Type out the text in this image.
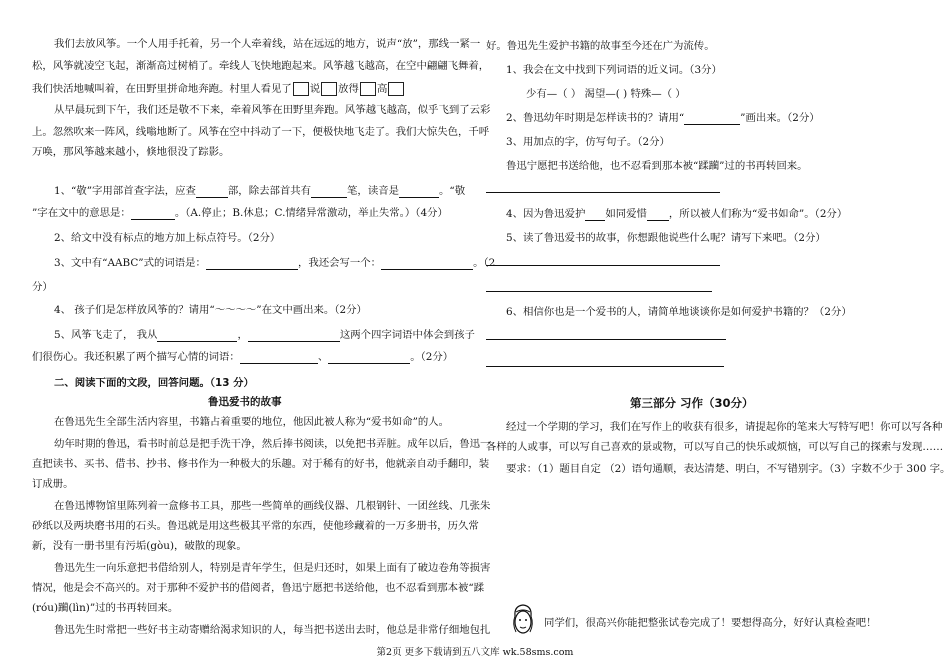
我们去放风筝。一个人用手托着，另一个人牵着线，站在远远的地方，说声“放”，那线一紧一

松，风筝就凌空飞起，渐渐高过树梢了。牵线人飞快地跑起来。风筝越飞越高，在空中翩翩飞舞着，

我们快活地喊叫着，在田野里拼命地奔跑。村里人看见了 说 放得 高

从早晨玩到下午，我们还是敬不下来，牵着风筝在田野里奔跑。风筝越飞越高，似乎飞到了云彩

上。忽然吹来一阵风，线嗡地断了。风筝在空中抖动了一下，便极快地飞走了。我们大惊失色，千呼

万唤，那风筝越来越小，倏地很没了踪影。

1、“敬”字用部首查字法，应查	部，除去部首共有	笔，读音是	。“敬

”字在文中的意思是：	。（A.停止；B.休息；C.情绪异常激动，举止失常。）（4分）

2、给文中没有标点的地方加上标点符号。（2分）

3、文中有“AABC”式的词语是：	，我还会写一个：	。（2

分）

4、 孩子们是怎样放风筝的？请用“～～～～”在文中画出来。（2分）

5、风筝飞走了， 我从	，	这两个四字词语中体会到孩子

们很伤心。我还积累了两个描写心情的词语：	、	。（2分）

二、阅读下面的文段，回答问题。（13 分）

鲁迅爱书的故事

在鲁迅先生全部生活内容里，书籍占着重要的地位，他因此被人称为“爱书如命”的人。

幼年时期的鲁迅，看书时前总是把手洗干净，然后捧书阅读，以免把书弄脏。成年以后，鲁迅一

直把读书、买书、借书、抄书、修书作为一种极大的乐趣。对于稀有的好书，他就亲自动手翻印，装

订成册。

在鲁迅博物馆里陈列着一盒修书工具，那些一些简单的画线仪器、几根钢针、一团丝线、几张朱

砂纸以及两块磨书用的石头。鲁迅就是用这些极其平常的东西，使他珍藏着的一万多册书，历久常

新，没有一册书里有污垢(gòu)，破散的现象。

鲁迅先生一向乐意把书借给别人，特别是青年学生，但是归还时，如果上面有了破边卷角等损害

情况，他是会不高兴的。对于那种不爱护书的借阅者，鲁迅宁愿把书送给他，也不忍看到那本被“蹂

(róu)躏(lìn)”过的书再转回来。

鲁迅先生时常把一些好书主动寄赠给渴求知识的人，每当把书送出去时，他总是非常仔细地包扎

好。鲁迅先生爱护书籍的故事至今还在广为流传。

1、我会在文中找到下列词语的近义词。（3分）

少有—（ ） 渴望—( ) 特殊—（ ）

2、鲁迅幼年时期是怎样读书的？请用“	”画出来。（2分）

3、用加点的字，仿写句子。（2分）

鲁迅宁愿把书送给他，也不忍看到那本被“蹂躏”过的书再转回来。

4、因为鲁迅爱护 如同爱惜 ，所以被人们称为“爱书如命”。（2分）

5、读了鲁迅爱书的故事，你想跟他说些什么呢？请写下来吧。（2分）

6、相信你也是一个爱书的人，请简单地谈谈你是如何爱护书籍的？（2分）

第三部分 习作（30分）

经过一个学期的学习，我们在写作上的收获有很多，请提起你的笔来大写特写吧！你可以写各种

各样的人或事，可以写自己喜欢的景或物，可以写自己的快乐或烦恼，可以写自己的探索与发现……

要求：（1）题目自定 （2）语句通顺，表达清楚、明白，不写错别字。（3）字数不少于 300 字。

同学们，很高兴你能把整张试卷完成了！要想得高分，好好认真检查吧！

第2页 更多下载请到五八文库 wk.58sms.com
